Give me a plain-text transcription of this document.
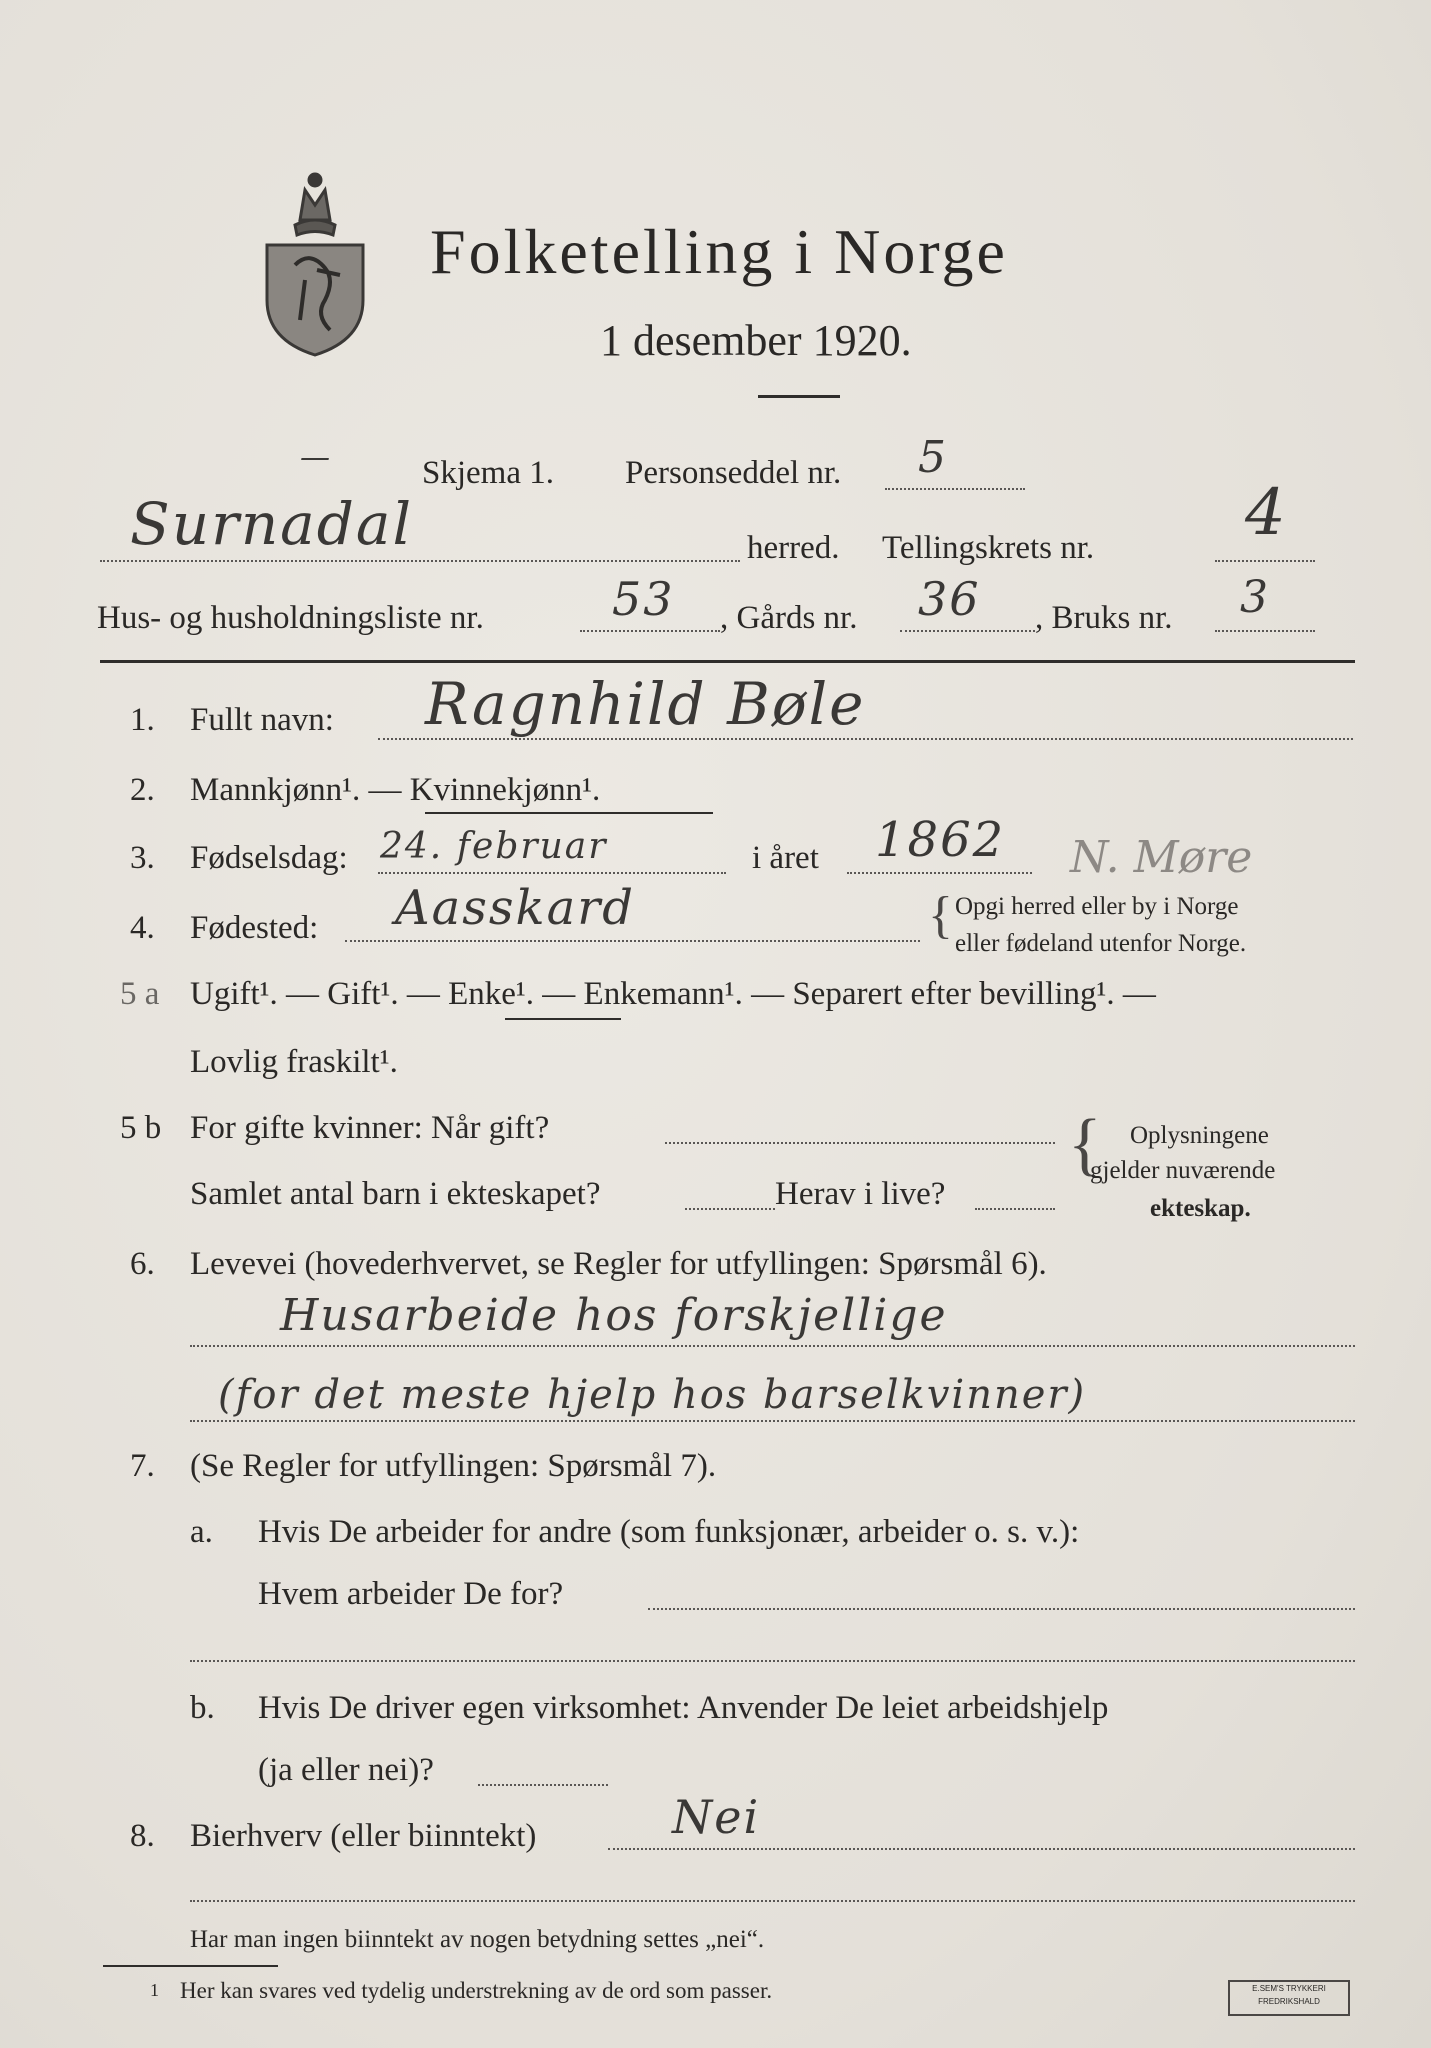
Folketelling i Norge
1 desember 1920.
—	Skjema 1. Personseddel nr. 5
Surnadal	herred. Tellingskrets nr. 4
Hus- og husholdningsliste nr.	53 , Gårds nr. 36 , Bruks nr. 3
1. Fullt navn: Ragnhild Bøle
2. Mannkjønn¹. — Kvinnekjønn¹.
3. Fødselsdag: 24. februar	i året 1862 N. Møre
4. Fødested: Aasskard	{ Opgi herred eller by i Norge
eller fødeland utenfor Norge.
5 a Ugift¹. — Gift¹. — Enke¹. — Enkemann¹. — Separert efter bevilling¹. —
Lovlig fraskilt¹.
5 b For gifte kvinner: Når gift?
Samlet antal barn i ekteskapet?	Herav i live?
{ Oplysningene
gjelder nuværende
ekteskap.
6. Levevei (hovederhvervet, se Regler for utfyllingen: Spørsmål 6).
Husarbeide hos forskjellige
(for det meste hjelp hos barselkvinner)
7. (Se Regler for utfyllingen: Spørsmål 7).
a. Hvis De arbeider for andre (som funksjonær, arbeider o. s. v.):
Hvem arbeider De for?
b. Hvis De driver egen virksomhet: Anvender De leiet arbeidshjelp
(ja eller nei)?
8. Bierhverv (eller biinntekt)	Nei
Har man ingen biinntekt av nogen betydning settes „nei“.
1 Her kan svares ved tydelig understrekning av de ord som passer.	E.SEM'S TRYKKERI
FREDRIKSHALD
